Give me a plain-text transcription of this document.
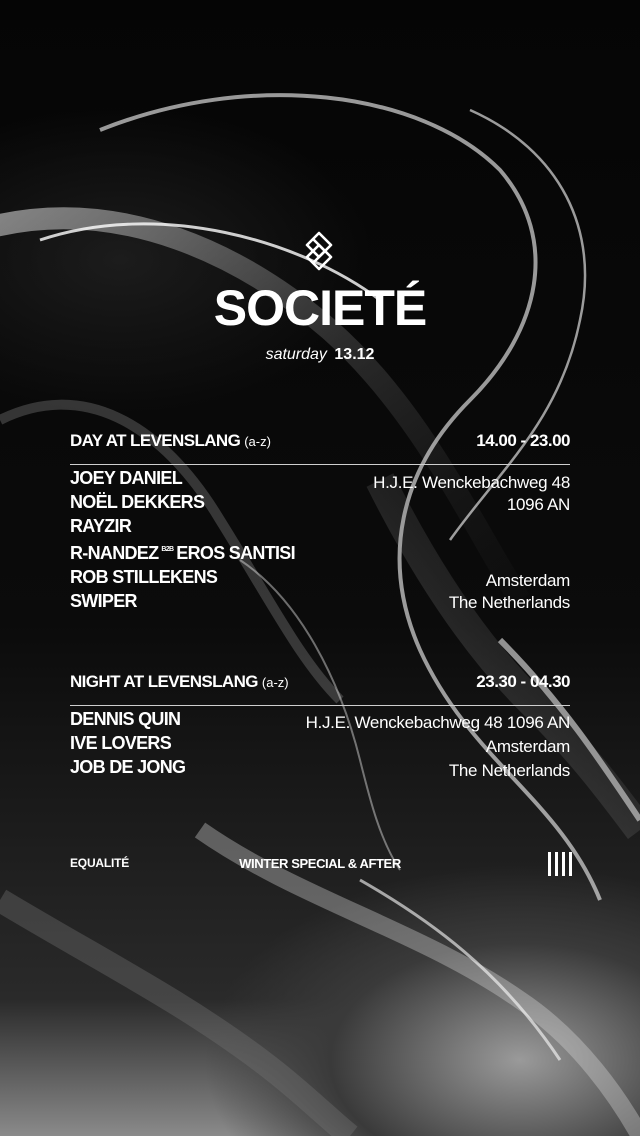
SOCIETÉ
saturday 13.12
DAY AT LEVENSLANG (a-z)	14.00 - 23.00
JOEY DANIEL
NOËL DEKKERS
RAYZIR
R-NANDEZ $^{B2B}$ EROS SANTISI
ROB STILLEKENS
SWIPER
H.J.E. Wenckebachweg 48
1096 AN
Amsterdam
The Netherlands
NIGHT AT LEVENSLANG (a-z)	23.30 - 04.30
DENNIS QUIN
IVE LOVERS
JOB DE JONG
H.J.E. Wenckebachweg 48 1096 AN
Amsterdam
The Netherlands
EQUALITÉ	WINTER SPECIAL & AFTER
